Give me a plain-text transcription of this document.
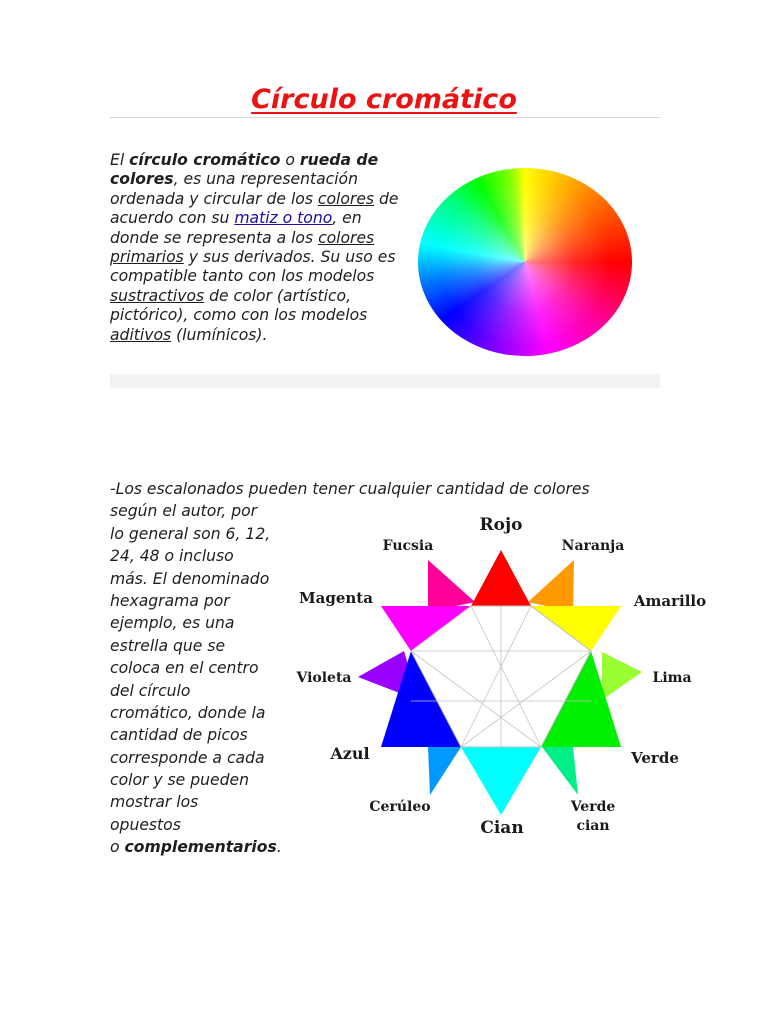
Círculo cromático
El círculo cromático o rueda de colores, es una representación ordenada y circular de los colores de acuerdo con su matiz o tono, en donde se representa a los colores primarios y sus derivados. Su uso es compatible tanto con los modelos sustractivos de color (artístico, pictórico), como con los modelos aditivos (lumínicos).
-Los escalonados pueden tener cualquier cantidad de colores
según el autor, por
lo general son 6, 12,
24, 48 o incluso
más. El denominado
hexagrama por
ejemplo, es una
estrella que se
coloca en el centro
del círculo
cromático, donde la
cantidad de picos
corresponde a cada
color y se pueden
mostrar los
opuestos
o complementarios.
Rojo
Naranja
Amarillo
Lima
Verde
Verde
cian
Cian
Cerúleo
Azul
Violeta
Magenta
Fucsia
